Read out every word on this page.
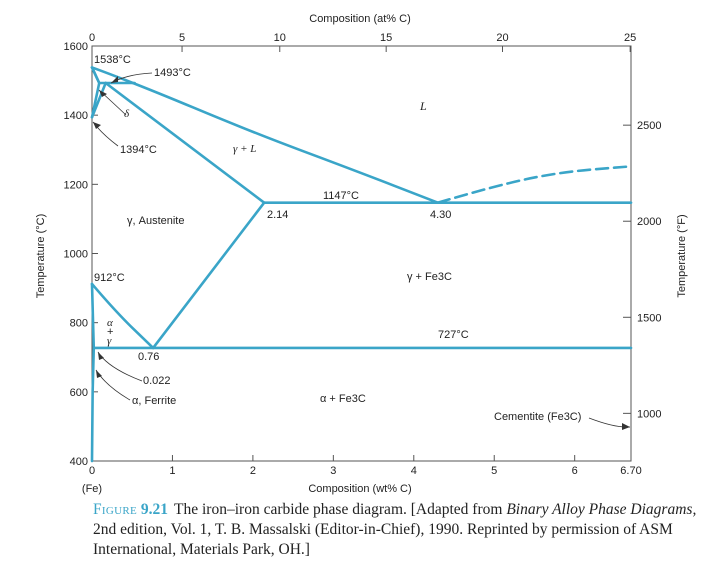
Composition (at% C)
Composition (wt% C)
Temperature (°C)	Temperature (°F)
0	1	2	3	4	5	6	6.70
0	5	10	15	20	25
400
600
800
1000
1200
1400
1600
1000
1500
2000
2500
(Fe)
1538°C
1493°C
δ
1394°C
L
γ + L
1147°C
2.14	4.30
γ, Austenite
912°C	γ + Fe3C
727°C
α
+
γ
0.76
0.022
α, Ferrite	α + Fe3C
Cementite (Fe3C)
Figure 9.21 The iron–iron carbide phase diagram. [Adapted from Binary Alloy Phase Diagrams, 2nd edition, Vol. 1, T. B. Massalski (Editor-in-Chief), 1990. Reprinted by permission of ASM International, Materials Park, OH.]
